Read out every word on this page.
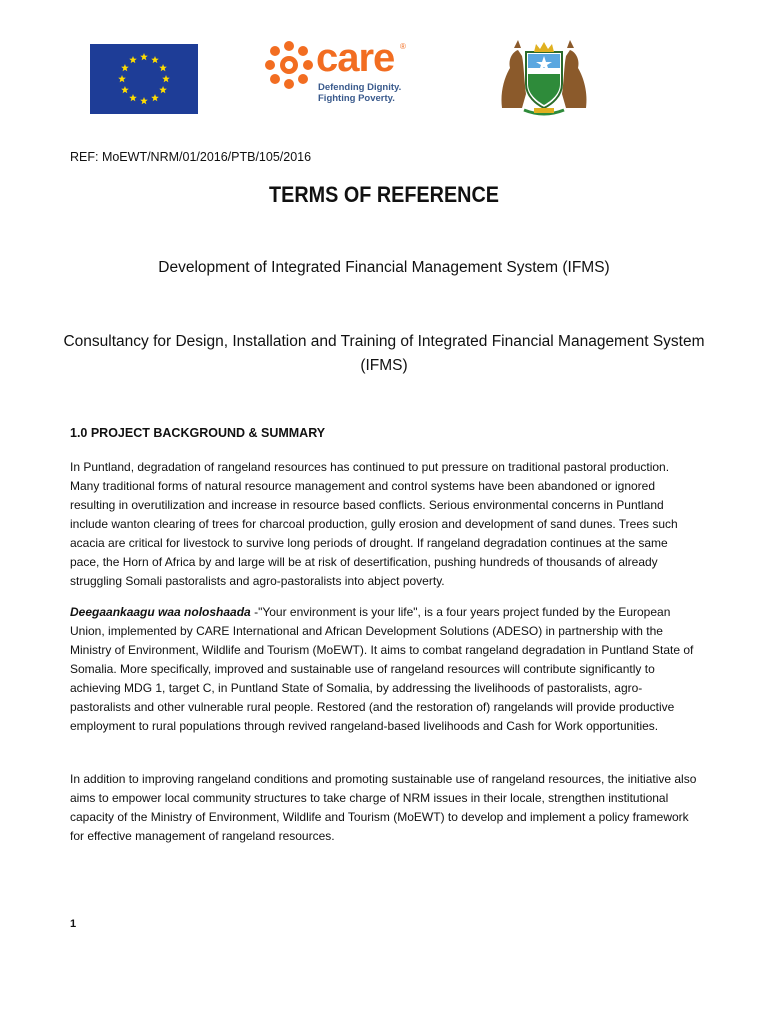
care ®
Defending Dignity.
Fighting Poverty.
REF: MoEWT/NRM/01/2016/PTB/105/2016
TERMS OF REFERENCE
Development of Integrated Financial Management System (IFMS)
Consultancy for Design, Installation and Training of Integrated Financial Management System (IFMS)
1.0 PROJECT BACKGROUND & SUMMARY

In Puntland, degradation of rangeland resources has continued to put pressure on traditional pastoral production. Many traditional forms of natural resource management and control systems have been abandoned or ignored resulting in overutilization and increase in resource based conflicts. Serious environmental concerns in Puntland include wanton clearing of trees for charcoal production, gully erosion and development of sand dunes. Trees such acacia are critical for livestock to survive long periods of drought. If rangeland degradation continues at the same pace, the Horn of Africa by and large will be at risk of desertification, pushing hundreds of thousands of already struggling Somali pastoralists and agro-pastoralists into abject poverty.

Deegaankaagu waa noloshaada -"Your environment is your life", is a four years project funded by the European Union, implemented by CARE International and African Development Solutions (ADESO) in partnership with the Ministry of Environment, Wildlife and Tourism (MoEWT). It aims to combat rangeland degradation in Puntland State of Somalia. More specifically, improved and sustainable use of rangeland resources will contribute significantly to achieving MDG 1, target C, in Puntland State of Somalia, by addressing the livelihoods of pastoralists, agro-pastoralists and other vulnerable rural people. Restored (and the restoration of) rangelands will provide productive employment to rural populations through revived rangeland-based livelihoods and Cash for Work opportunities.

In addition to improving rangeland conditions and promoting sustainable use of rangeland resources, the initiative also aims to empower local community structures to take charge of NRM issues in their locale, strengthen institutional capacity of the Ministry of Environment, Wildlife and Tourism (MoEWT) to develop and implement a policy framework for effective management of rangeland resources.

1
